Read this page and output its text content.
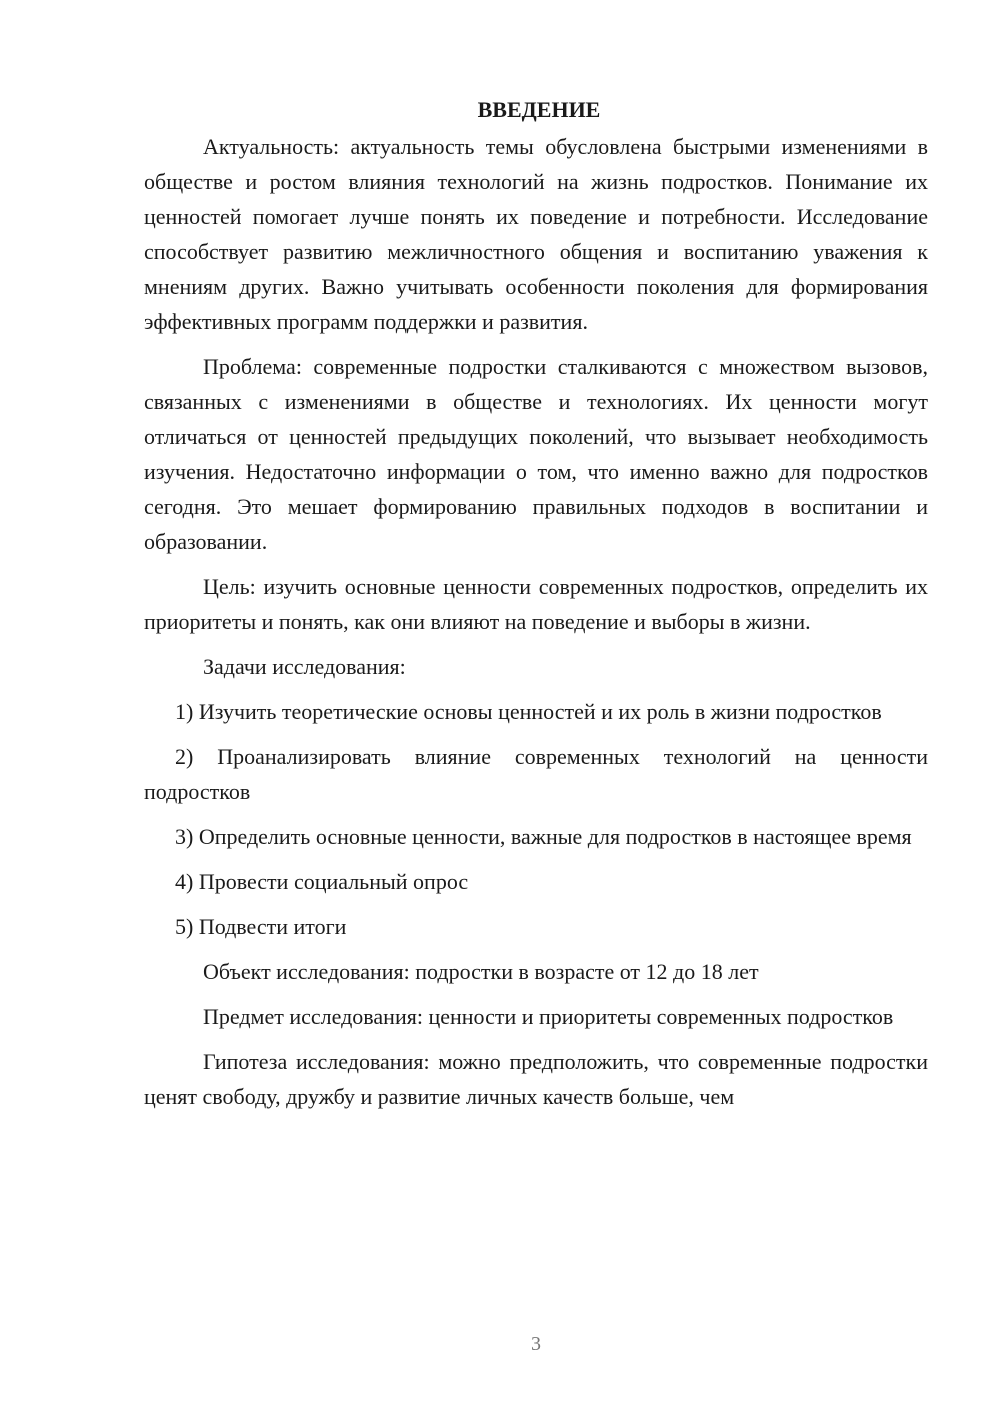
ВВЕДЕНИЕ

Актуальность: актуальность темы обусловлена быстрыми изменениями в обществе и ростом влияния технологий на жизнь подростков. Понимание их ценностей помогает лучше понять их поведение и потребности. Исследование способствует развитию межличностного общения и воспитанию уважения к мнениям других. Важно учитывать особенности поколения для формирования эффективных программ поддержки и развития.

Проблема: современные подростки сталкиваются с множеством вызовов, связанных с изменениями в обществе и технологиях. Их ценности могут отличаться от ценностей предыдущих поколений, что вызывает необходимость изучения. Недостаточно информации о том, что именно важно для подростков сегодня. Это мешает формированию правильных подходов в воспитании и образовании.

Цель: изучить основные ценности современных подростков, определить их приоритеты и понять, как они влияют на поведение и выборы в жизни.

Задачи исследования:

1) Изучить теоретические основы ценностей и их роль в жизни подростков

2) Проанализировать влияние современных технологий на ценности подростков

3) Определить основные ценности, важные для подростков в настоящее время

4) Провести социальный опрос

5) Подвести итоги

Объект исследования: подростки в возрасте от 12 до 18 лет

Предмет исследования: ценности и приоритеты современных подростков

Гипотеза исследования: можно предположить, что современные подростки ценят свободу, дружбу и развитие личных качеств больше, чем

3
